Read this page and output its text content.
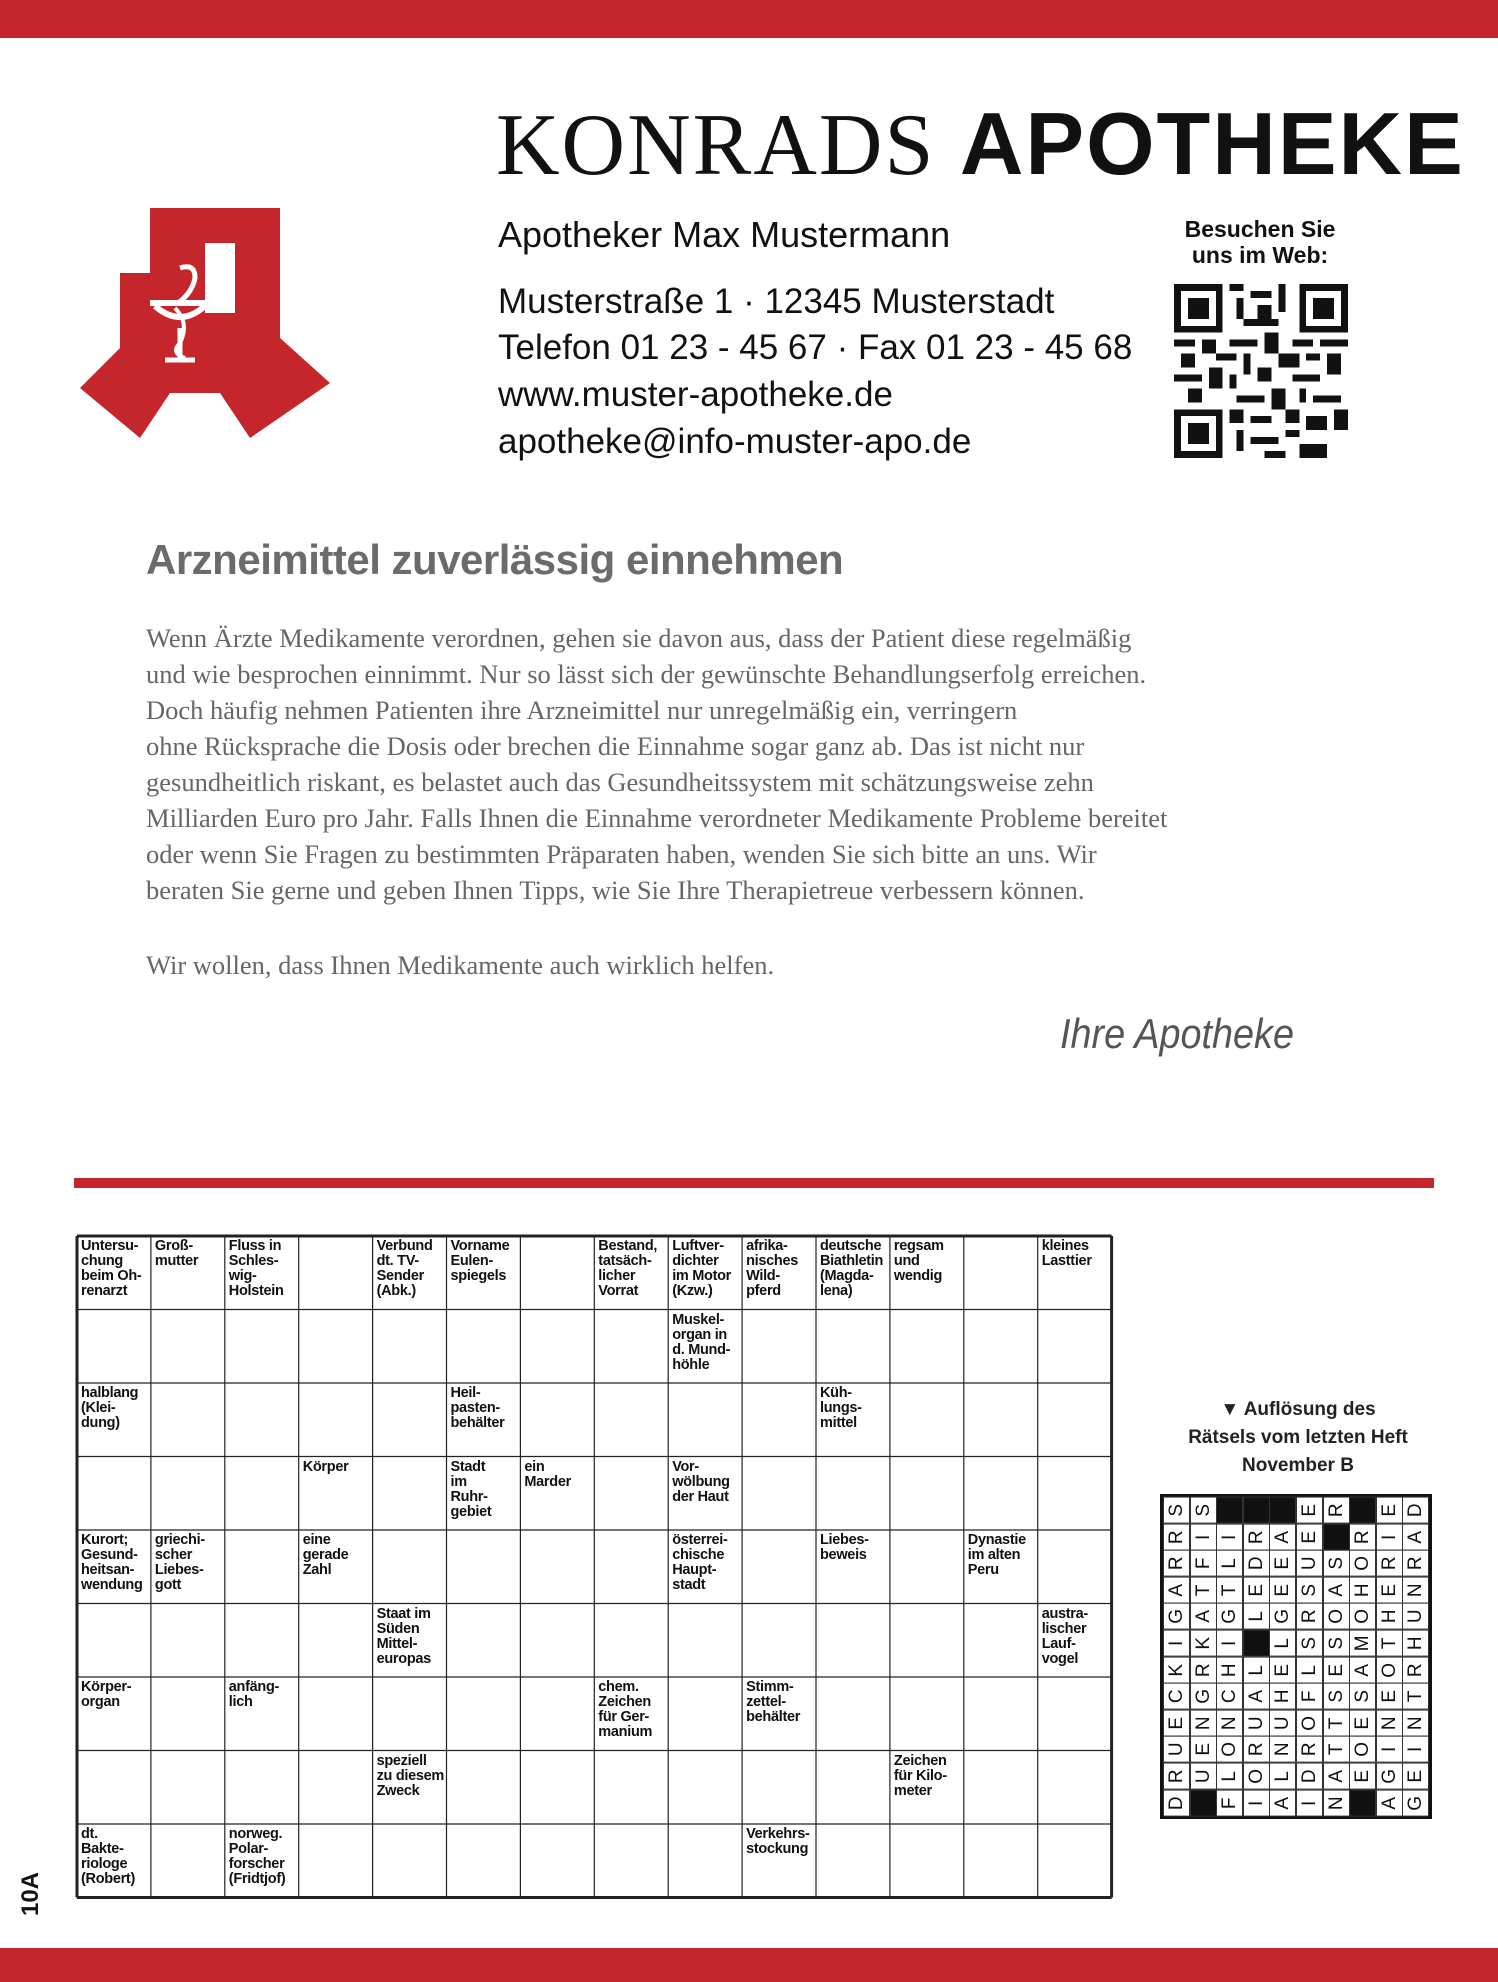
KONRADS APOTHEKE
Apotheker Max Mustermann
Musterstraße 1 · 12345 Musterstadt
Telefon 01 23 - 45 67 · Fax 01 23 - 45 68
www.muster-apotheke.de
apotheke@info-muster-apo.de
Besuchen Sie
uns im Web:
Arzneimittel zuverlässig einnehmen
Wenn Ärzte Medikamente verordnen, gehen sie davon aus, dass der Patient diese regelmäßig
und wie besprochen einnimmt. Nur so lässt sich der gewünschte Behandlungserfolg erreichen.
Doch häufig nehmen Patienten ihre Arzneimittel nur unregelmäßig ein, verringern
ohne Rücksprache die Dosis oder brechen die Einnahme sogar ganz ab. Das ist nicht nur
gesundheitlich riskant, es belastet auch das Gesundheitssystem mit schätzungsweise zehn
Milliarden Euro pro Jahr. Falls Ihnen die Einnahme verordneter Medikamente Probleme bereitet
oder wenn Sie Fragen zu bestimmten Präparaten haben, wenden Sie sich bitte an uns. Wir
beraten Sie gerne und geben Ihnen Tipps, wie Sie Ihre Therapietreue verbessern können.
Wir wollen, dass Ihnen Medikamente auch wirklich helfen.
Ihre Apotheke
Untersu-
chung
beim Oh-
renarzt
Groß-
mutter
Fluss in
Schles-
wig-
Holstein
Verbund
dt. TV-
Sender
(Abk.)
Vorname
Eulen-
spiegels
Bestand,
tatsäch-
licher
Vorrat
Luftver-
dichter
im Motor
(Kzw.)
afrika-
nisches
Wild-
pferd
deutsche
Biathletin
(Magda-
lena)
regsam
und
wendig
kleines
Lasttier
Muskel-
organ in
d. Mund-
höhle
halblang
(Klei-
dung)
Heil-
pasten-
behälter
Küh-
lungs-
mittel
Körper	Stadt
im
Ruhr-
gebiet
ein
Marder
Vor-
wölbung
der Haut
Kurort;
Gesund-
heitsan-
wendung
griechi-
scher
Liebes-
gott
eine
gerade
Zahl
österrei-
chische
Haupt-
stadt
Liebes-
beweis
Dynastie
im alten
Peru
Staat im
Süden
Mittel-
europas
austra-
lischer
Lauf-
vogel
Körper-
organ
anfäng-
lich
chem.
Zeichen
für Ger-
manium
Stimm-
zettel-
behälter
speziell
zu diesem
Zweck
Zeichen
für Kilo-
meter
dt.
Bakte-
riologe
(Robert)
norweg.
Polar-
forscher
(Fridtjof)
Verkehrs-
stockung
10A
▼ Auflösung des
Rätsels vom letzten Heft
November B
S
R
R
A
G
I
K
C
E
U
R
D
S
I
F
T
A
K
R
G
N
E
U
I
L
T
G
I
H
C
N
O
L
F
R
D
E
L
L
A
U
R
O
I
A
E
E
G
L
E
H
U
N
L
A
E
E
U
S
R
S
L
F
O
R
D
I
R
S
A
O
S
E
S
T
T
A
N
R
O
H
O
M
A
S
E
O
E
E
I
R
E
H
T
O
E
N
I
G
A
D
A
R
N
U
H
R
T
N
I
E
G
